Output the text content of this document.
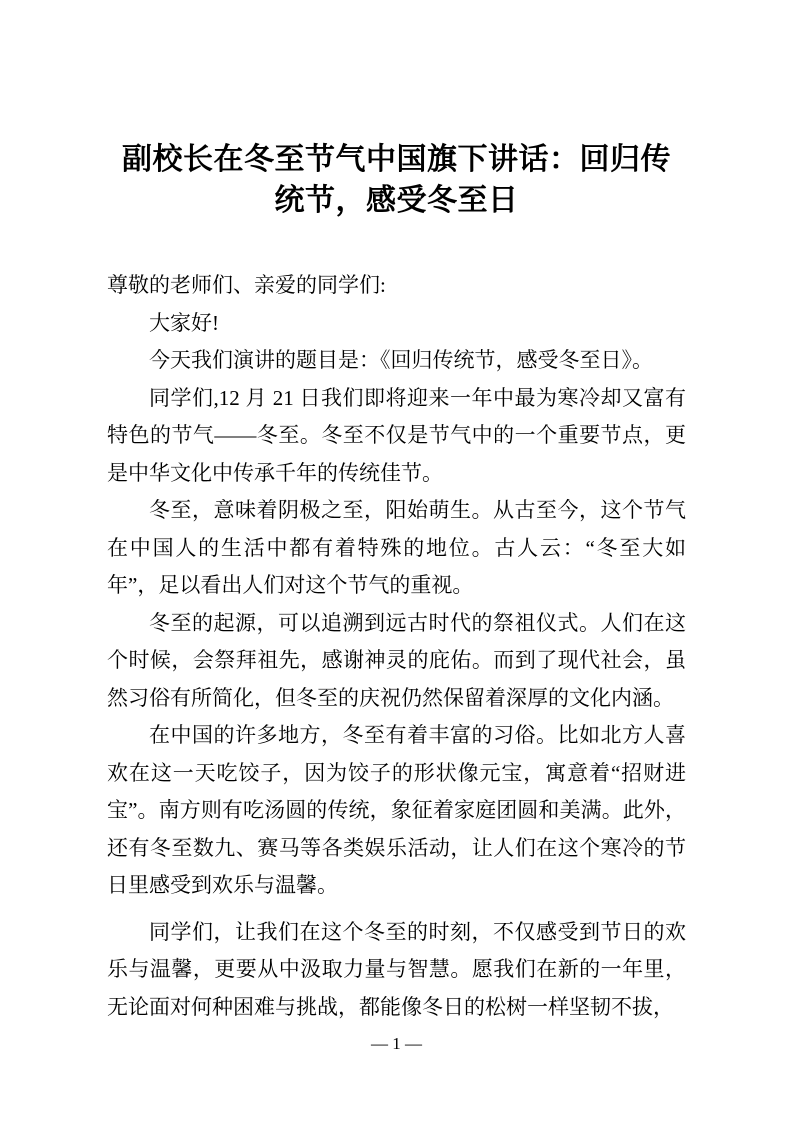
副校长在冬至节气中国旗下讲话：回归传统节，感受冬至日

尊敬的老师们、亲爱的同学们:

大家好!

今天我们演讲的题目是：《回归传统节，感受冬至日》。

同学们,12 月 21 日我们即将迎来一年中最为寒冷却又富有特色的节气——冬至。冬至不仅是节气中的一个重要节点，更是中华文化中传承千年的传统佳节。

冬至，意味着阴极之至，阳始萌生。从古至今，这个节气在中国人的生活中都有着特殊的地位。古人云：“冬至大如年”，足以看出人们对这个节气的重视。

冬至的起源，可以追溯到远古时代的祭祖仪式。人们在这个时候，会祭拜祖先，感谢神灵的庇佑。而到了现代社会，虽然习俗有所简化，但冬至的庆祝仍然保留着深厚的文化内涵。

在中国的许多地方，冬至有着丰富的习俗。比如北方人喜欢在这一天吃饺子，因为饺子的形状像元宝，寓意着“招财进宝”。南方则有吃汤圆的传统，象征着家庭团圆和美满。此外，还有冬至数九、赛马等各类娱乐活动，让人们在这个寒冷的节日里感受到欢乐与温馨。

同学们，让我们在这个冬至的时刻，不仅感受到节日的欢乐与温馨，更要从中汲取力量与智慧。愿我们在新的一年里，无论面对何种困难与挑战，都能像冬日的松树一样坚韧不拔，

— 1 —
